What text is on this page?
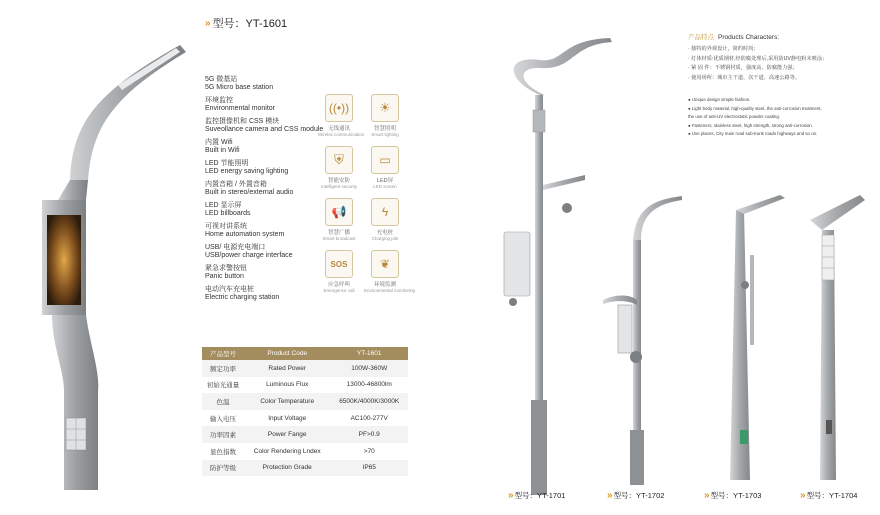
» 型号：YT-1601
5G 微基站
5G Micro base station
环境监控
Environmental monitor
监控摄像机和 CSS 模块
Suveollance camera and CSS module
内置 Wifi
Built in Wifi
LED 节能照明
LED energy saving lighting
内置音箱 / 外置音箱
Built in stereo/external audio
LED 显示屏
LED billboards
可视对讲系统
Home automation system
USB/ 电源充电端口
USB/power charge interface
紧急求警按钮
Panic button
电动汽车充电桩
Electric charging station
((•))
无线通讯
Wirelss communication
☀
智慧照明
Smart lighting
⛨
智能安防
Intelligent security
▭
LED屏
LED screen
📢
智慧广播
Smart broadcast
ϟ
充电桩
Charging pile
SOS
应急呼叫
Emergence call
❦
环境监测
Environmental monitoring
产品型号	Product Code	YT-1601
额定功率	Rated Power	100W-360W
初始光通量	Luminous Flux	13000-46800lm
色温	Color Temperature	6500K/4000K/3000K
输入电压	Input Voltage	AC100-277V
功率因素	Power Fange	PF>0.9
显色指数	Color Rendering Lndex	>70
防护等级	Protection Grade	IP65
产品特点 Products Characters:
· 独特的外观设计，简约时尚；
· 灯体材质:优质钢材,经防腐处理后,采用防UV静电粉末喷涂；
· 紧 固 件：不锈钢材质，强度高，防腐能力强；
· 使用场所：城市主干道、次干道、高速公路等。
● Unique design simple fashion.
● Light body material, high-quality steel, the anti-corrosion treatment,
the use of anti-UV electrostatic powder coating.
● Fasteners, stainless steel, high strength, strong anti-corrosion.
● Use places, City main road sub-trunk roads highways and so on.
» 型号：YT-1701	» 型号：YT-1702	» 型号：YT-1703	» 型号：YT-1704
